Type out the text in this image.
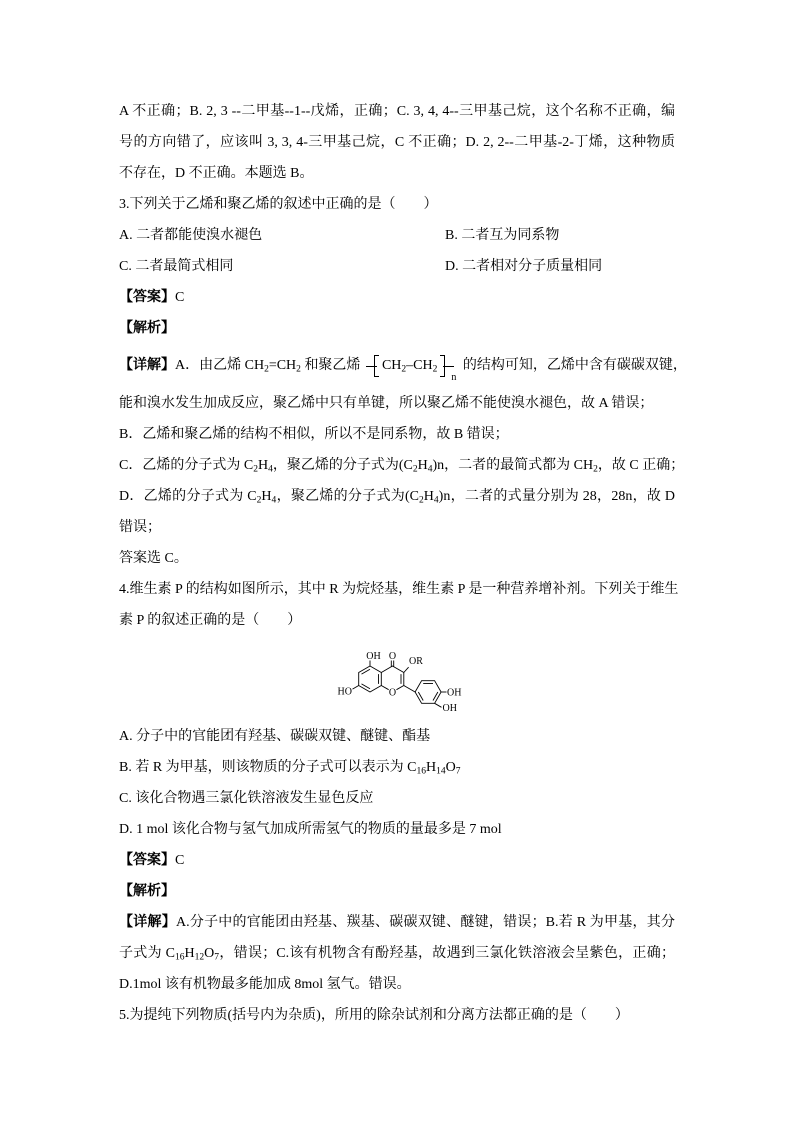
A 不正确；B. 2, 3 --二甲基--1--戊烯，正确；C. 3, 4, 4--三甲基己烷，这个名称不正确，编
号的方向错了，应该叫 3, 3, 4-三甲基己烷，C 不正确；D. 2, 2--二甲基-2-丁烯，这种物质
不存在，D 不正确。本题选 B。
3.下列关于乙烯和聚乙烯的叙述中正确的是（　　）
A. 二者都能使溴水褪色	B. 二者互为同系物
C. 二者最简式相同	D. 二者相对分子质量相同
【答案】C
【解析】
【详解】A．由乙烯 $CH_2=CH_2$ 和聚乙烯
$CH_2-CH_2$
n
的结构可知，乙烯中含有碳碳双键，
能和溴水发生加成反应，聚乙烯中只有单键，所以聚乙烯不能使溴水褪色，故 A 错误；
B．乙烯和聚乙烯的结构不相似，所以不是同系物，故 B 错误；
C．乙烯的分子式为 $C_2H_4$，聚乙烯的分子式为$(C_2H_4)n$，二者的最简式都为 $CH_2$，故 C 正确；
D．乙烯的分子式为 $C_2H_4$，聚乙烯的分子式为$(C_2H_4)n$，二者的式量分别为 28，28n，故 D
错误；
答案选 C。
4.维生素 P 的结构如图所示，其中 R 为烷烃基，维生素 P 是一种营养增补剂。下列关于维生
素 P 的叙述正确的是（　　）
OH O OR
HO	O	OH
OH
A. 分子中的官能团有羟基、碳碳双键、醚键、酯基
B. 若 R 为甲基，则该物质的分子式可以表示为 $C_{16}H_{14}O_7$
C. 该化合物遇三氯化铁溶液发生显色反应
D. 1 mol 该化合物与氢气加成所需氢气的物质的量最多是 7 mol
【答案】C
【解析】
【详解】A.分子中的官能团由羟基、羰基、碳碳双键、醚键，错误；B.若 R 为甲基，其分
子式为 $C_{16}H_{12}O_7$，错误；C.该有机物含有酚羟基，故遇到三氯化铁溶液会呈紫色，正确；
D.1mol 该有机物最多能加成 8mol 氢气。错误。
5.为提纯下列物质(括号内为杂质)，所用的除杂试剂和分离方法都正确的是（　　）
